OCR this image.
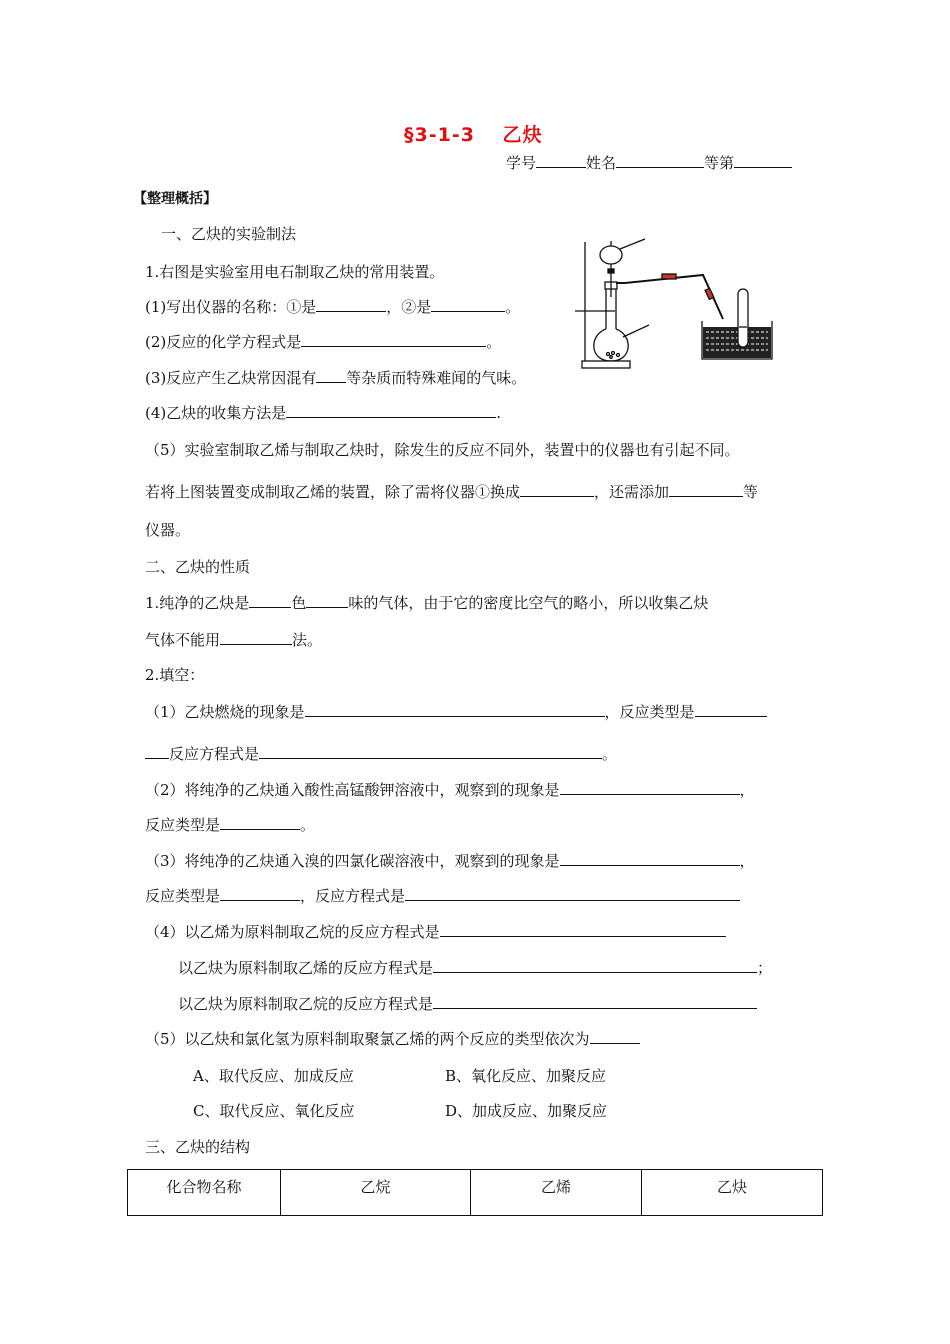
§3-1-3　 乙炔
学号	姓名	等第
【整理概括】
一、乙炔的实验制法
1.右图是实验室用电石制取乙炔的常用装置。
(1)写出仪器的名称：①是	，②是	。
(2)反应的化学方程式是	。
(3)反应产生乙炔常因混有 等杂质而特殊难闻的气味。
(4)乙炔的收集方法是	.
（5）实验室制取乙烯与制取乙炔时，除发生的反应不同外，装置中的仪器也有引起不同。
若将上图装置变成制取乙烯的装置，除了需将仪器①换成	，还需添加	等
仪器。
二、乙炔的性质
1.纯净的乙炔是	色	味的气体，由于它的密度比空气的略小，所以收集乙炔
气体不能用	法。
2.填空：
（1）乙炔燃烧的现象是	，反应类型是
反应方程式是	。
（2）将纯净的乙炔通入酸性高锰酸钾溶液中，观察到的现象是	，
反应类型是	。
（3）将纯净的乙炔通入溴的四氯化碳溶液中，观察到的现象是	，
反应类型是	，反应方程式是
（4）以乙烯为原料制取乙烷的反应方程式是
以乙炔为原料制取乙烯的反应方程式是	；
以乙炔为原料制取乙烷的反应方程式是
（5）以乙炔和氯化氢为原料制取聚氯乙烯的两个反应的类型依次为
A、取代反应、加成反应	B、氧化反应、加聚反应
C、取代反应、氧化反应	D、加成反应、加聚反应
三、乙炔的结构
化合物名称	乙烷	乙烯	乙炔
